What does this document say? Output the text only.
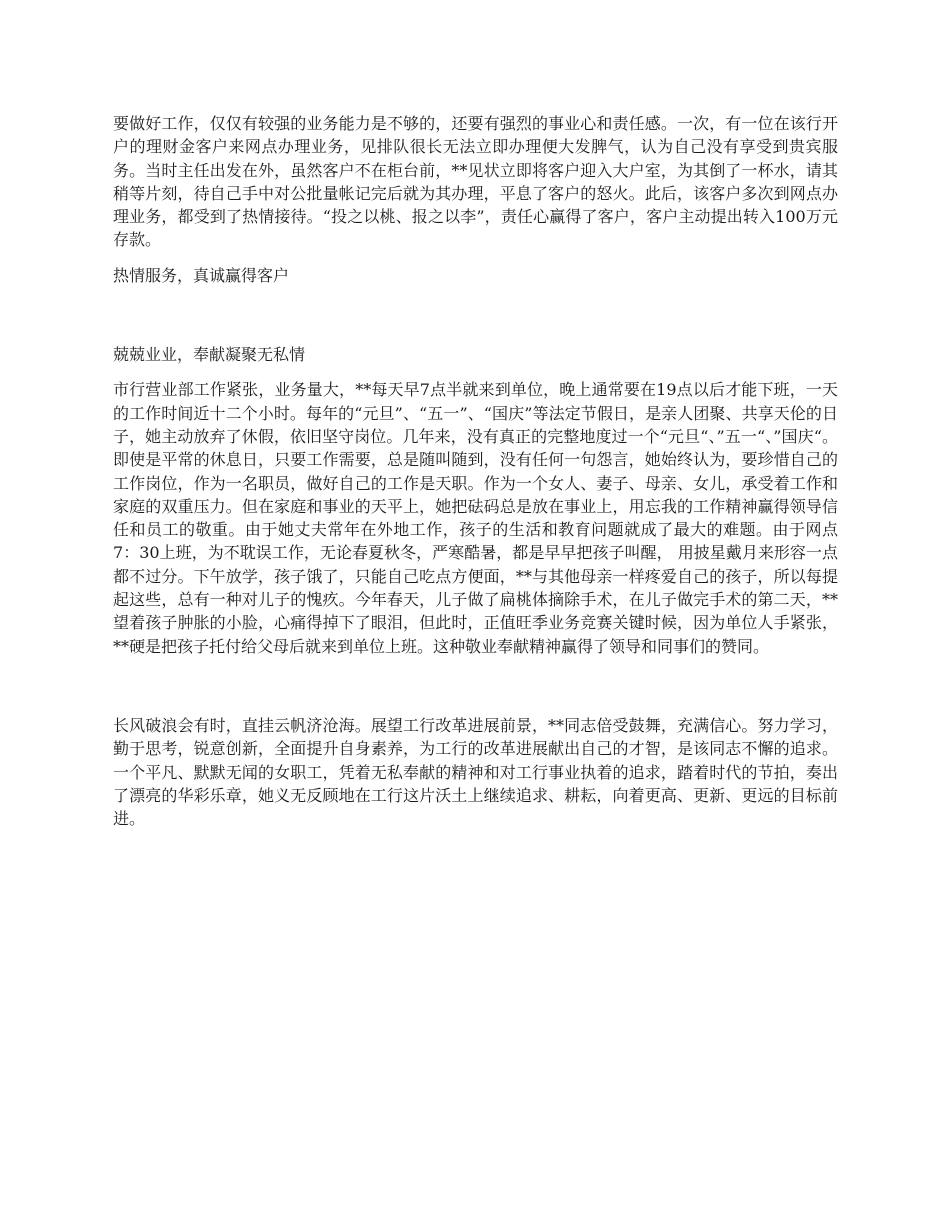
要做好工作，仅仅有较强的业务能力是不够的，还要有强烈的事业心和责任感。一次，有一位在该行开户的理财金客户来网点办理业务，见排队很长无法立即办理便大发脾气，认为自己没有享受到贵宾服务。当时主任出发在外，虽然客户不在柜台前，**见状立即将客户迎入大户室，为其倒了一杯水，请其稍等片刻，待自己手中对公批量帐记完后就为其办理，平息了客户的怒火。此后，该客户多次到网点办理业务，都受到了热情接待。“投之以桃、报之以李”，责任心赢得了客户，客户主动提出转入100万元存款。

热情服务，真诚赢得客户

兢兢业业，奉献凝聚无私情

市行营业部工作紧张，业务量大，**每天早7点半就来到单位，晚上通常要在19点以后才能下班，一天的工作时间近十二个小时。每年的“元旦”、“五一”、“国庆”等法定节假日，是亲人团聚、共享天伦的日子，她主动放弃了休假，依旧坚守岗位。几年来，没有真正的完整地度过一个“元旦“、”五一“、”国庆“。即使是平常的休息日，只要工作需要，总是随叫随到，没有任何一句怨言，她始终认为，要珍惜自己的工作岗位，作为一名职员，做好自己的工作是天职。作为一个女人、妻子、母亲、女儿，承受着工作和家庭的双重压力。但在家庭和事业的天平上，她把砝码总是放在事业上，用忘我的工作精神赢得领导信任和员工的敬重。由于她丈夫常年在外地工作，孩子的生活和教育问题就成了最大的难题。由于网点7：30上班，为不耽误工作，无论春夏秋冬，严寒酷暑，都是早早把孩子叫醒， 用披星戴月来形容一点都不过分。下午放学，孩子饿了，只能自己吃点方便面，**与其他母亲一样疼爱自己的孩子，所以每提起这些，总有一种对儿子的愧疚。今年春天，儿子做了扁桃体摘除手术，在儿子做完手术的第二天，**望着孩子肿胀的小脸，心痛得掉下了眼泪，但此时，正值旺季业务竞赛关键时候，因为单位人手紧张，**硬是把孩子托付给父母后就来到单位上班。这种敬业奉献精神赢得了领导和同事们的赞同。

长风破浪会有时，直挂云帆济沧海。展望工行改革进展前景，**同志倍受鼓舞，充满信心。努力学习，勤于思考，锐意创新，全面提升自身素养，为工行的改革进展献出自己的才智，是该同志不懈的追求。一个平凡、默默无闻的女职工，凭着无私奉献的精神和对工行事业执着的追求，踏着时代的节拍，奏出了漂亮的华彩乐章，她义无反顾地在工行这片沃土上继续追求、耕耘，向着更高、更新、更远的目标前进。
